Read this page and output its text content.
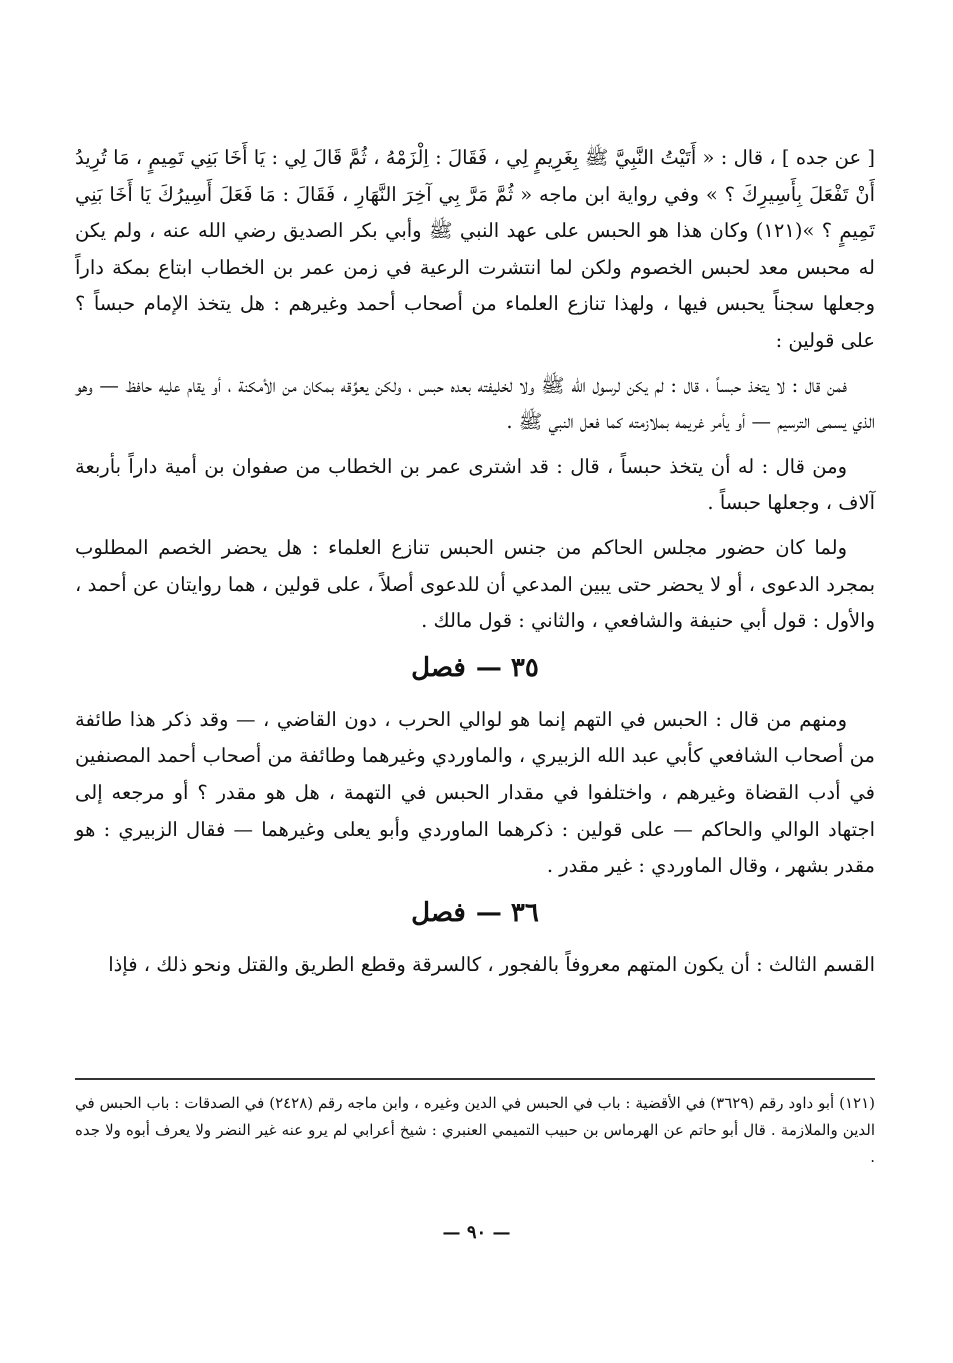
[ عن جده ] ، قال : « أَتَيْتُ النَّبِيَّ ﷺ بِغَرِيمٍ لِي ، فَقَالَ : اِلْزَمْهُ ، ثُمَّ قَالَ لِي : يَا أَخَا بَنِي تَمِيمٍ ، مَا تُرِيدُ أَنْ تَفْعَلَ بِأَسِيرِكَ ؟ » وفي رواية ابن ماجه « ثُمَّ مَرَّ بِي آخِرَ النَّهَارِ ، فَقَالَ : مَا فَعَلَ أَسِيرُكَ يَا أَخَا بَنِي تَمِيمٍ ؟ »(١٢١) وكان هذا هو الحبس على عهد النبي ﷺ وأبي بكر الصديق رضي الله عنه ، ولم يكن له محبس معد لحبس الخصوم ولكن لما انتشرت الرعية في زمن عمر بن الخطاب ابتاع بمكة داراً وجعلها سجناً يحبس فيها ، ولهذا تنازع العلماء من أصحاب أحمد وغيرهم : هل يتخذ الإمام حبساً ؟ على قولين :

فمن قال : لا يتخذ حبساً ، قال : لم يكن لرسول الله ﷺ ولا لخليفته بعده حبس ، ولكن يعوِّقه بمكان من الأمكنة ، أو يقام عليه حافظ — وهو الذي يسمى الترسيم — أو يأمر غريمه بملازمته كما فعل النبي ﷺ .

ومن قال : له أن يتخذ حبساً ، قال : قد اشترى عمر بن الخطاب من صفوان بن أمية داراً بأربعة آلاف ، وجعلها حبساً .

ولما كان حضور مجلس الحاكم من جنس الحبس تنازع العلماء : هل يحضر الخصم المطلوب بمجرد الدعوى ، أو لا يحضر حتى يبين المدعي أن للدعوى أصلاً ، على قولين ، هما روايتان عن أحمد ، والأول : قول أبي حنيفة والشافعي ، والثاني : قول مالك .

٣٥ —فصل

ومنهم من قال : الحبس في التهم إنما هو لوالي الحرب ، دون القاضي ، — وقد ذكر هذا طائفة من أصحاب الشافعي كأبي عبد الله الزبيري ، والماوردي وغيرهما وطائفة من أصحاب أحمد المصنفين في أدب القضاة وغيرهم ، واختلفوا في مقدار الحبس في التهمة ، هل هو مقدر ؟ أو مرجعه إلى اجتهاد الوالي والحاكم — على قولين : ذكرهما الماوردي وأبو يعلى وغيرهما — فقال الزبيري : هو مقدر بشهر ، وقال الماوردي : غير مقدر .

٣٦ —فصل

القسم الثالث : أن يكون المتهم معروفاً بالفجور ، كالسرقة وقطع الطريق والقتل ونحو ذلك ، فإذا

(١٢١) أبو داود رقم (٣٦٢٩) في الأقضية : باب في الحبس في الدين وغيره ، وابن ماجه رقم (٢٤٢٨) في الصدقات : باب الحبس في الدين والملازمة . قال أبو حاتم عن الهرماس بن حبيب التميمي العنبري : شيخ أعرابي لم يرو عنه غير النضر ولا يعرف أبوه ولا جده .

— ٩٠ —
